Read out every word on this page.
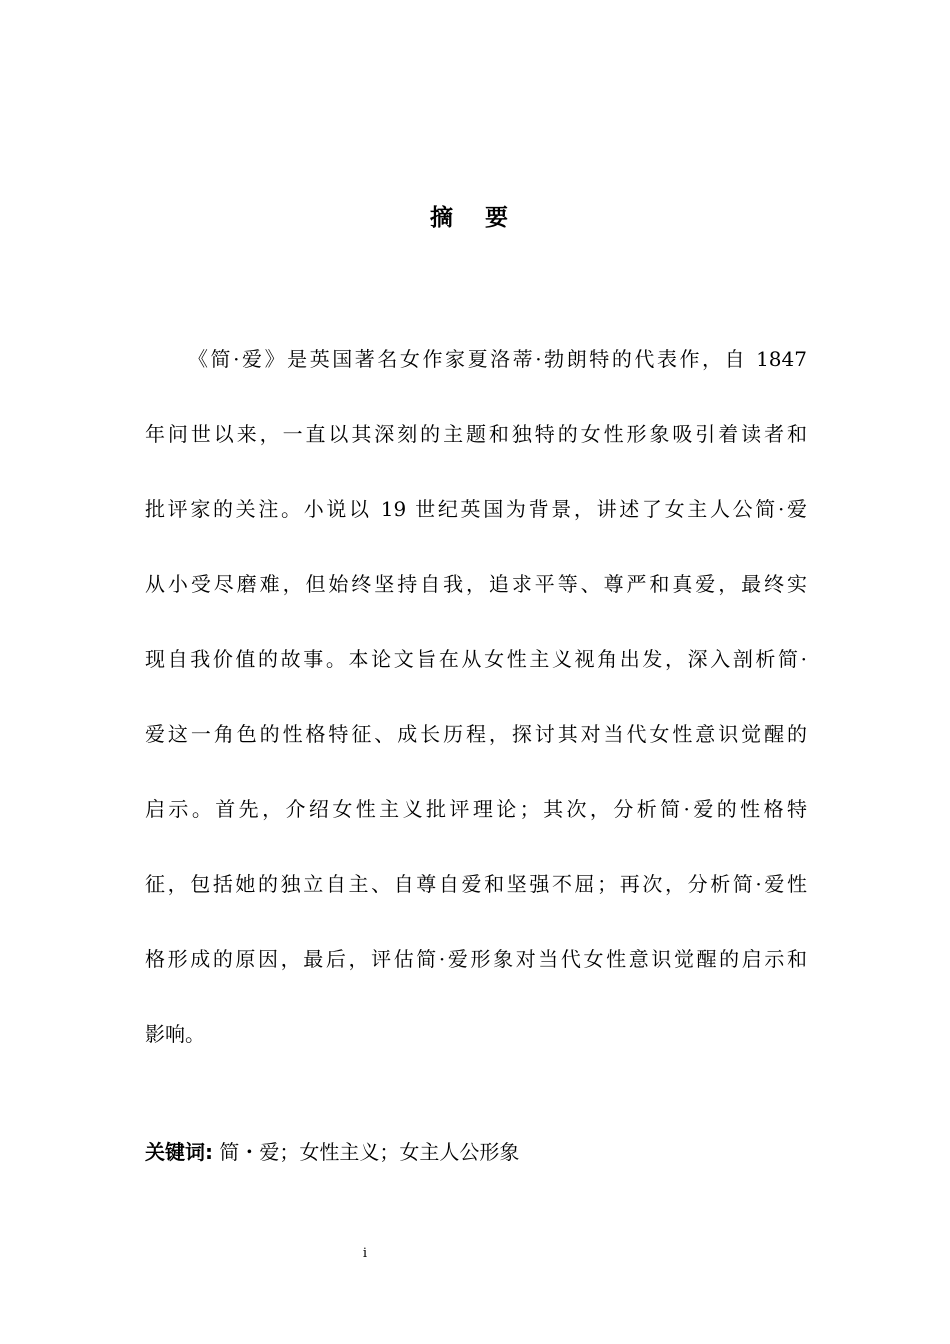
摘 要
《简·爱》是英国著名女作家夏洛蒂·勃朗特的代表作，自 1847
年问世以来，一直以其深刻的主题和独特的女性形象吸引着读者和
批评家的关注。小说以 19 世纪英国为背景，讲述了女主人公简·爱
从小受尽磨难，但始终坚持自我，追求平等、尊严和真爱，最终实
现自我价值的故事。本论文旨在从女性主义视角出发，深入剖析简·
爱这一角色的性格特征、成长历程，探讨其对当代女性意识觉醒的
启示。首先，介绍女性主义批评理论；其次，分析简·爱的性格特
征，包括她的独立自主、自尊自爱和坚强不屈；再次，分析简·爱性
格形成的原因，最后，评估简·爱形象对当代女性意识觉醒的启示和
影响。

关键词: 简・爱；女性主义；女主人公形象

i
